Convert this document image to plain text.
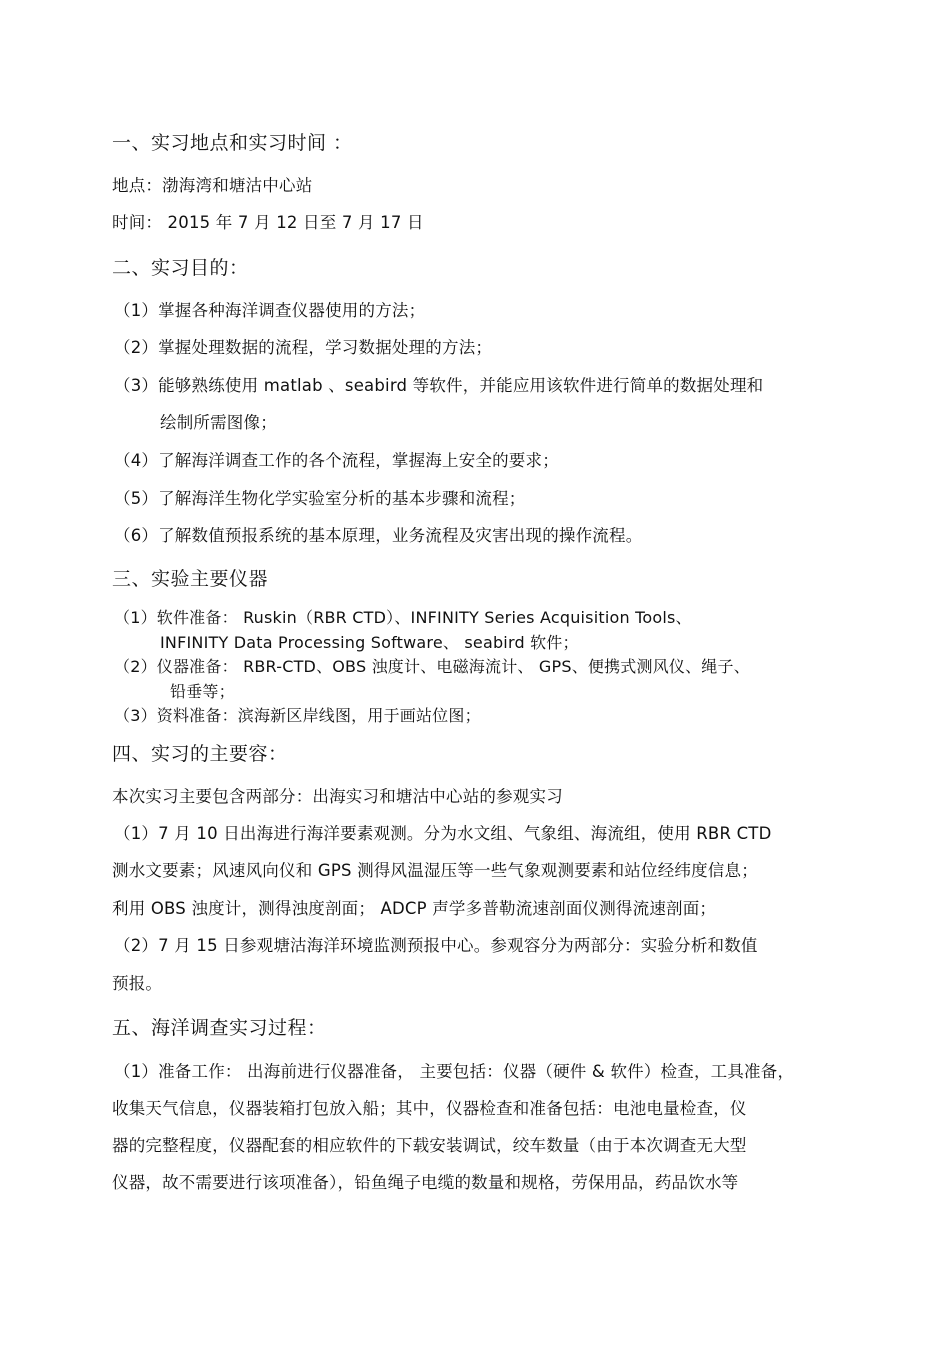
一、实习地点和实习时间 ：
地点：渤海湾和塘沽中心站
时间： 2015 年 7 月 12 日至 7 月 17 日
二、实习目的：
（1）掌握各种海洋调查仪器使用的方法；
（2）掌握处理数据的流程，学习数据处理的方法；
（3）能够熟练使用 matlab 、seabird 等软件，并能应用该软件进行简单的数据处理和
绘制所需图像；
（4）了解海洋调查工作的各个流程，掌握海上安全的要求；
（5）了解海洋生物化学实验室分析的基本步骤和流程；
（6）了解数值预报系统的基本原理，业务流程及灾害出现的操作流程。
三、实验主要仪器
（1）软件准备： Ruskin（RBR CTD）、INFINITY Series Acquisition Tools、
INFINITY Data Processing Software、 seabird 软件；
（2）仪器准备： RBR-CTD、OBS 浊度计、电磁海流计、 GPS、便携式测风仪、绳子、
铅垂等；
（3）资料准备：滨海新区岸线图，用于画站位图；
四、实习的主要容：
本次实习主要包含两部分：出海实习和塘沽中心站的参观实习
（1）7 月 10 日出海进行海洋要素观测。分为水文组、气象组、海流组，使用 RBR CTD
测水文要素；风速风向仪和 GPS 测得风温湿压等一些气象观测要素和站位经纬度信息；
利用 OBS 浊度计，测得浊度剖面； ADCP 声学多普勒流速剖面仪测得流速剖面；
（2）7 月 15 日参观塘沽海洋环境监测预报中心。参观容分为两部分：实验分析和数值
预报。
五、海洋调查实习过程：
（1）准备工作： 出海前进行仪器准备， 主要包括：仪器（硬件 & 软件）检查，工具准备，
收集天气信息，仪器装箱打包放入船；其中，仪器检查和准备包括：电池电量检查，仪
器的完整程度，仪器配套的相应软件的下载安装调试，绞车数量（由于本次调查无大型
仪器，故不需要进行该项准备），铅鱼绳子电缆的数量和规格，劳保用品，药品饮水等
